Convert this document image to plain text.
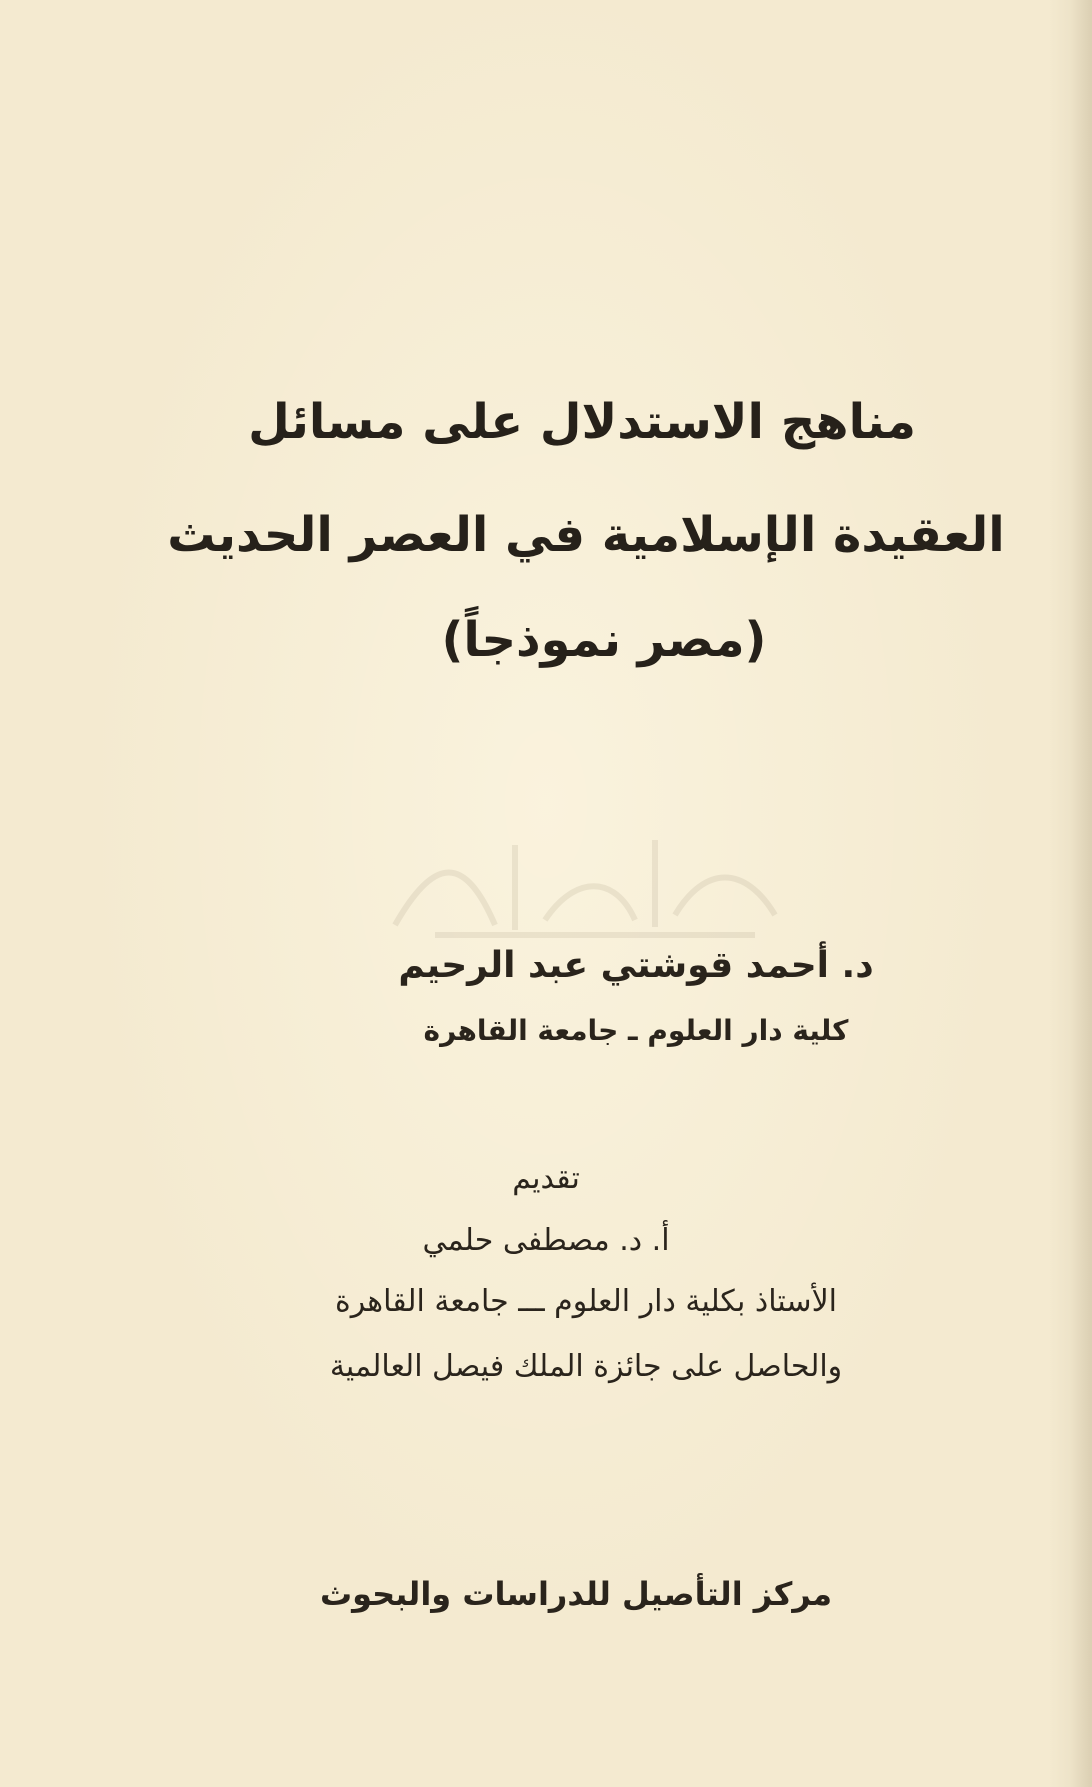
مناهج الاستدلال على مسائل
العقيدة الإسلامية في العصر الحديث
(مصر نموذجاً)
د. أحمد قوشتي عبد الرحيم
كلية دار العلوم ـ جامعة القاهرة
تقديم
أ. د. مصطفى حلمي
الأستاذ بكلية دار العلوم ـــ جامعة القاهرة
والحاصل على جائزة الملك فيصل العالمية
مركز التأصيل للدراسات والبحوث
